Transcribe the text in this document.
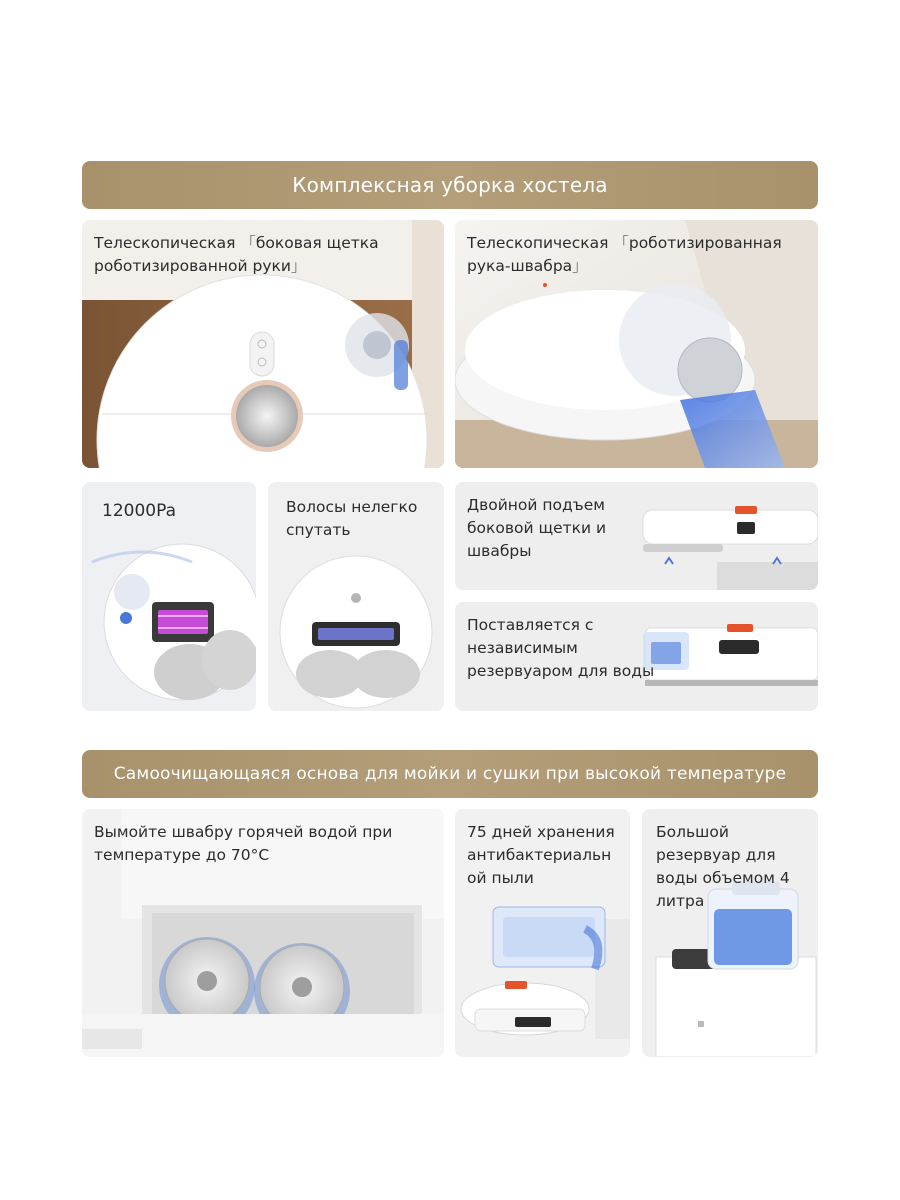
Комплексная уборка хостела
Телескопическая 「боковая щетка роботизированной руки」
Телескопическая 「роботизированная рука-швабра」
12000Pa	Волосы нелегко спутать
Двойной подъем боковой щетки и швабры
Поставляется с независимым резервуаром для воды
Самоочищающаяся основа для мойки и сушки при высокой температуре
Вымойте швабру горячей водой при температуре до 70°C
75 дней хранения антибактериальн ой пыли
Большой резервуар для воды объемом 4 литра
